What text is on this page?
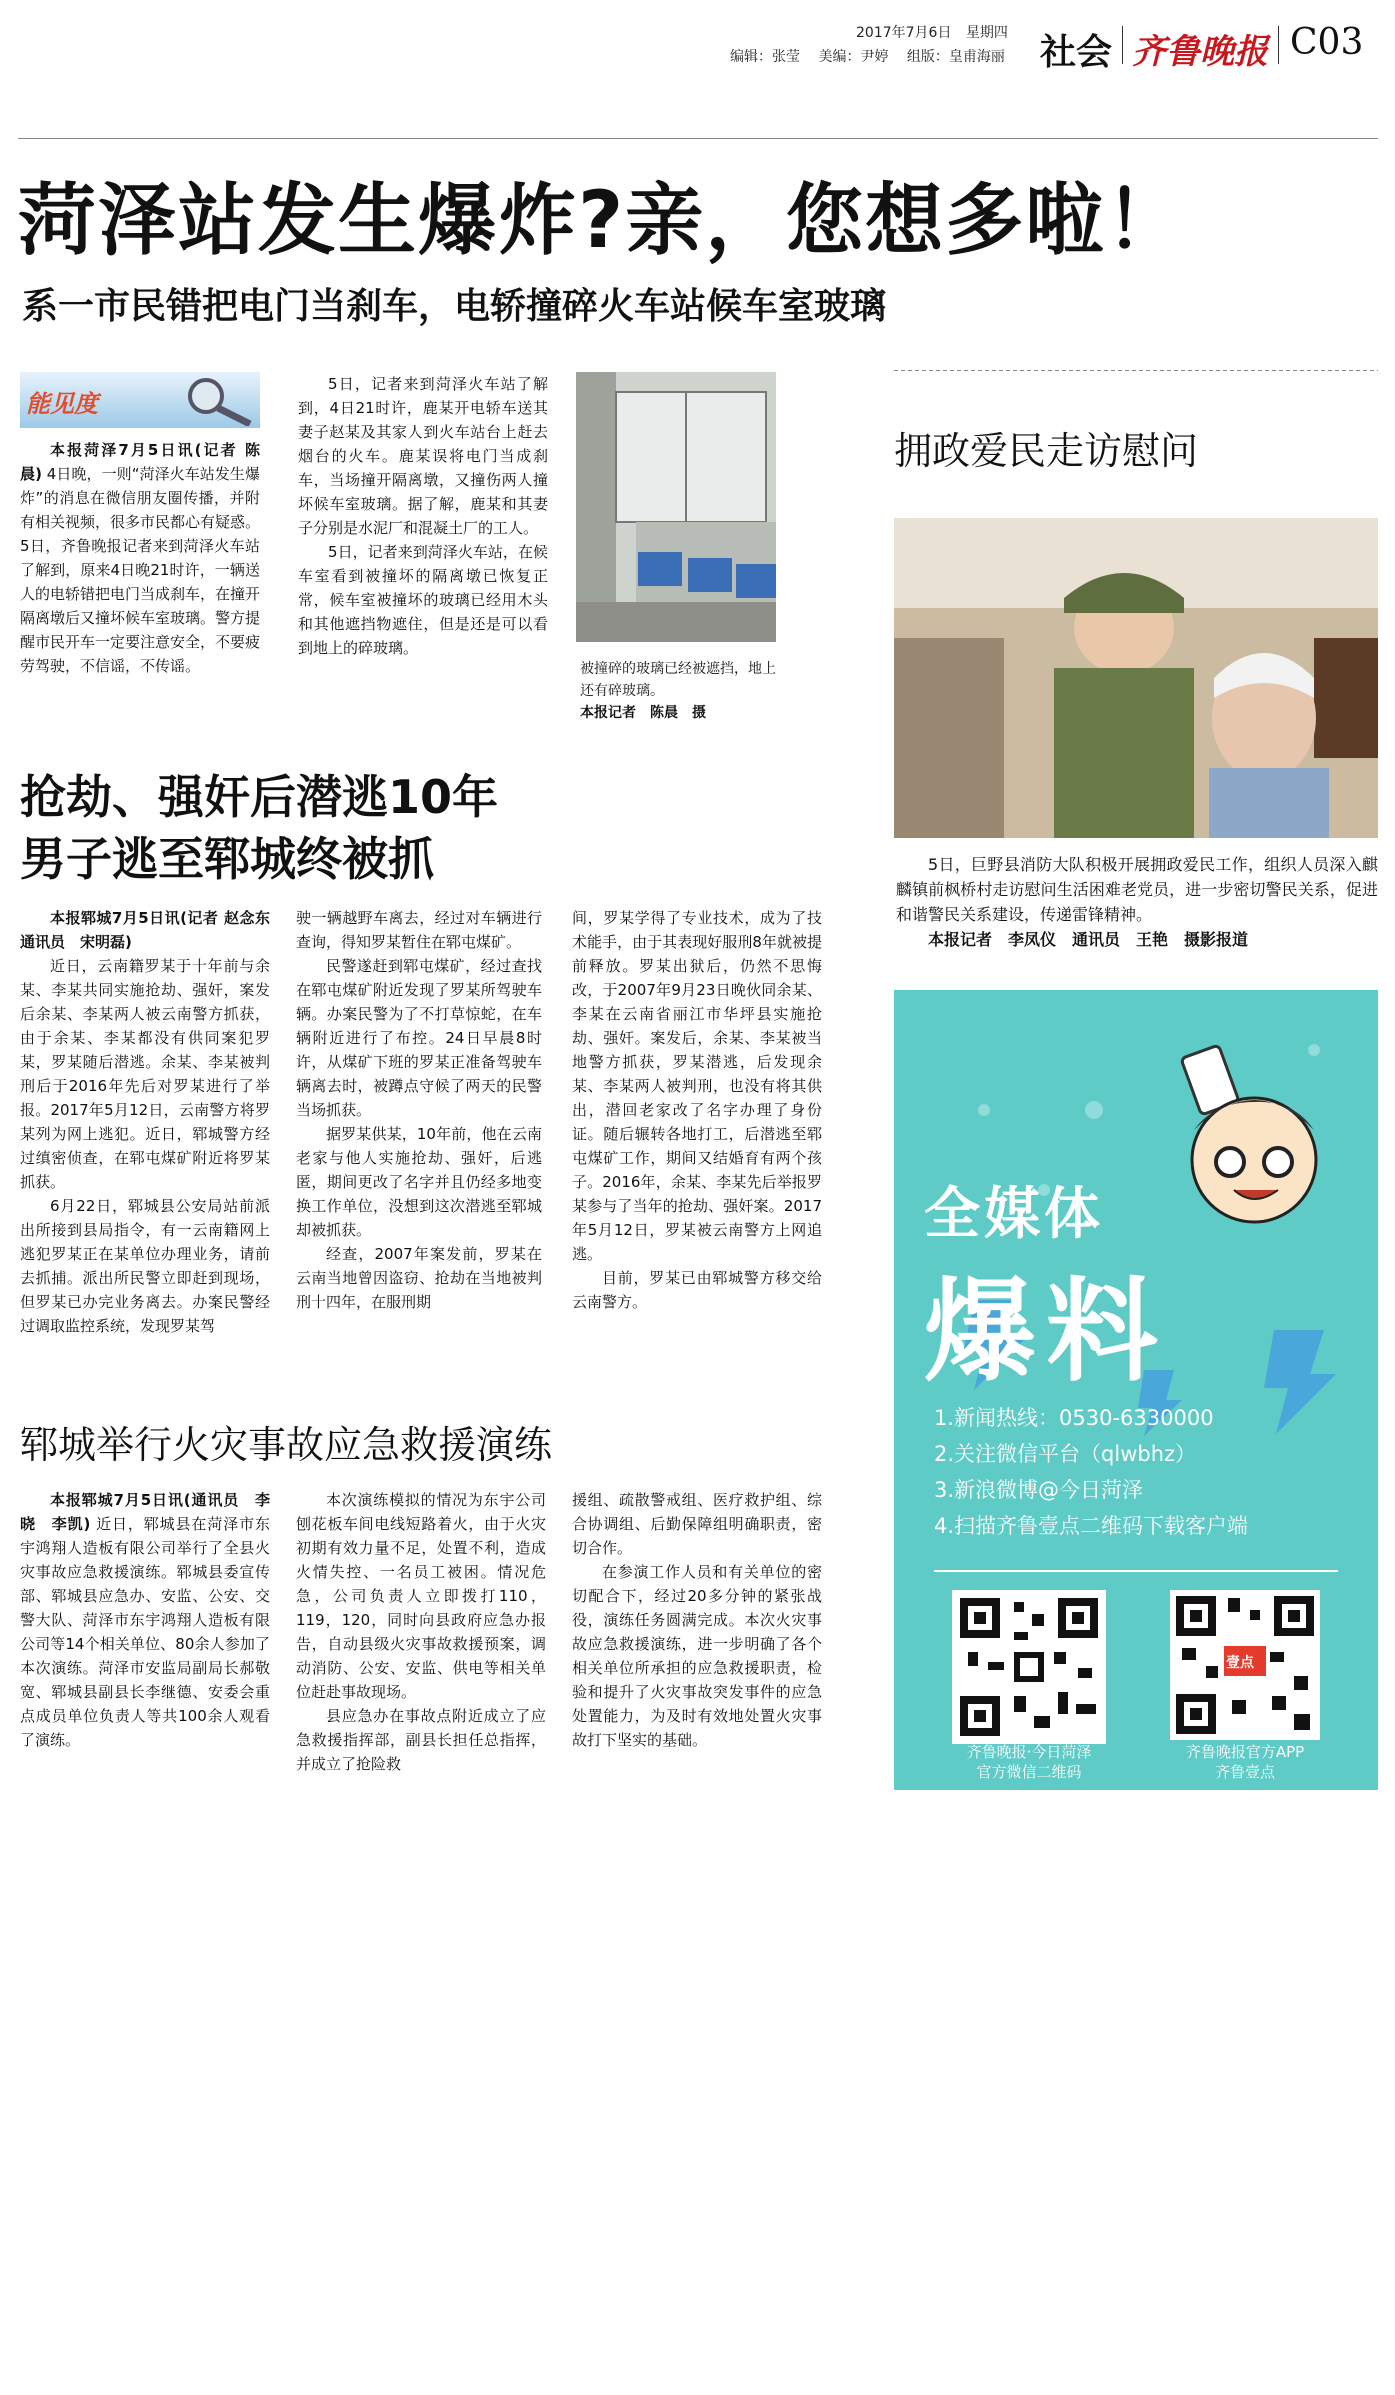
2017年7月6日 星期四
编辑：张莹 美编：尹婷 组版：皇甫海丽 社会 齐鲁晚报 C03
菏泽站发生爆炸?亲，您想多啦！
系一市民错把电门当刹车，电轿撞碎火车站候车室玻璃
能见度

本报菏泽7月5日讯(记者 陈晨) 4日晚，一则“菏泽火车站发生爆炸”的消息在微信朋友圈传播，并附有相关视频，很多市民都心有疑惑。5日，齐鲁晚报记者来到菏泽火车站了解到，原来4日晚21时许，一辆送人的电轿错把电门当成刹车，在撞开隔离墩后又撞坏候车室玻璃。警方提醒市民开车一定要注意安全，不要疲劳驾驶，不信谣，不传谣。

5日，记者来到菏泽火车站了解到，4日21时许，鹿某开电轿车送其妻子赵某及其家人到火车站台上赶去烟台的火车。鹿某误将电门当成刹车，当场撞开隔离墩，又撞伤两人撞坏候车室玻璃。据了解，鹿某和其妻子分别是水泥厂和混凝土厂的工人。

5日，记者来到菏泽火车站，在候车室看到被撞坏的隔离墩已恢复正常，候车室被撞坏的玻璃已经用木头和其他遮挡物遮住，但是还是可以看到地上的碎玻璃。

被撞碎的玻璃已经被遮挡，地上还有碎玻璃。
本报记者　陈晨　摄
抢劫、强奸后潜逃10年
男子逃至郓城终被抓

本报郓城7月5日讯(记者 赵念东　通讯员　宋明磊)

近日，云南籍罗某于十年前与余某、李某共同实施抢劫、强奸，案发后余某、李某两人被云南警方抓获，由于余某、李某都没有供同案犯罗某，罗某随后潜逃。余某、李某被判刑后于2016年先后对罗某进行了举报。2017年5月12日，云南警方将罗某列为网上逃犯。近日，郓城警方经过缜密侦查，在郓屯煤矿附近将罗某抓获。

6月22日，郓城县公安局站前派出所接到县局指令，有一云南籍网上逃犯罗某正在某单位办理业务，请前去抓捕。派出所民警立即赶到现场，但罗某已办完业务离去。办案民警经过调取监控系统，发现罗某驾

驶一辆越野车离去，经过对车辆进行查询，得知罗某暂住在郓屯煤矿。

民警遂赶到郓屯煤矿，经过查找在郓屯煤矿附近发现了罗某所驾驶车辆。办案民警为了不打草惊蛇，在车辆附近进行了布控。24日早晨8时许，从煤矿下班的罗某正准备驾驶车辆离去时，被蹲点守候了两天的民警当场抓获。

据罗某供某，10年前，他在云南老家与他人实施抢劫、强奸，后逃匿，期间更改了名字并且仍经多地变换工作单位，没想到这次潜逃至郓城却被抓获。

经查，2007年案发前，罗某在云南当地曾因盗窃、抢劫在当地被判刑十四年，在服刑期

间，罗某学得了专业技术，成为了技术能手，由于其表现好服刑8年就被提前释放。罗某出狱后，仍然不思悔改，于2007年9月23日晚伙同余某、李某在云南省丽江市华坪县实施抢劫、强奸。案发后，余某、李某被当地警方抓获，罗某潜逃，后发现余某、李某两人被判刑，也没有将其供出，潜回老家改了名字办理了身份证。随后辗转各地打工，后潜逃至郓屯煤矿工作，期间又结婚育有两个孩子。2016年，余某、李某先后举报罗某参与了当年的抢劫、强奸案。2017年5月12日，罗某被云南警方上网追逃。

目前，罗某已由郓城警方移交给云南警方。

郓城举行火灾事故应急救援演练

本报郓城7月5日讯(通讯员　李晓　李凯) 近日，郓城县在菏泽市东宇鸿翔人造板有限公司举行了全县火灾事故应急救援演练。郓城县委宣传部、郓城县应急办、安监、公安、交警大队、菏泽市东宇鸿翔人造板有限公司等14个相关单位、80余人参加了本次演练。菏泽市安监局副局长郝敬宽、郓城县副县长李继德、安委会重点成员单位负责人等共100余人观看了演练。

本次演练模拟的情况为东宇公司刨花板车间电线短路着火，由于火灾初期有效力量不足，处置不利，造成火情失控、一名员工被困。情况危急，公司负责人立即拨打110，119，120，同时向县政府应急办报告，自动县级火灾事故救援预案，调动消防、公安、安监、供电等相关单位赶赴事故现场。

县应急办在事故点附近成立了应急救援指挥部，副县长担任总指挥，并成立了抢险救

援组、疏散警戒组、医疗救护组、综合协调组、后勤保障组明确职责，密切合作。

在参演工作人员和有关单位的密切配合下，经过20多分钟的紧张战役，演练任务圆满完成。本次火灾事故应急救援演练，进一步明确了各个相关单位所承担的应急救援职责，检验和提升了火灾事故突发事件的应急处置能力，为及时有效地处置火灾事故打下坚实的基础。

拥政爱民走访慰问

5日，巨野县消防大队积极开展拥政爱民工作，组织人员深入麒麟镇前枫桥村走访慰问生活困难老党员，进一步密切警民关系，促进和谐警民关系建设，传递雷锋精神。

本报记者　李凤仪　通讯员　王艳　摄影报道

全媒体
爆料
1.新闻热线：0530-6330000
2.关注微信平台（qlwbhz）
3.新浪微博@今日菏泽
4.扫描齐鲁壹点二维码下载客户端
壹点
齐鲁晚报·今日菏泽
官方微信二维码
齐鲁晚报官方APP
齐鲁壹点
